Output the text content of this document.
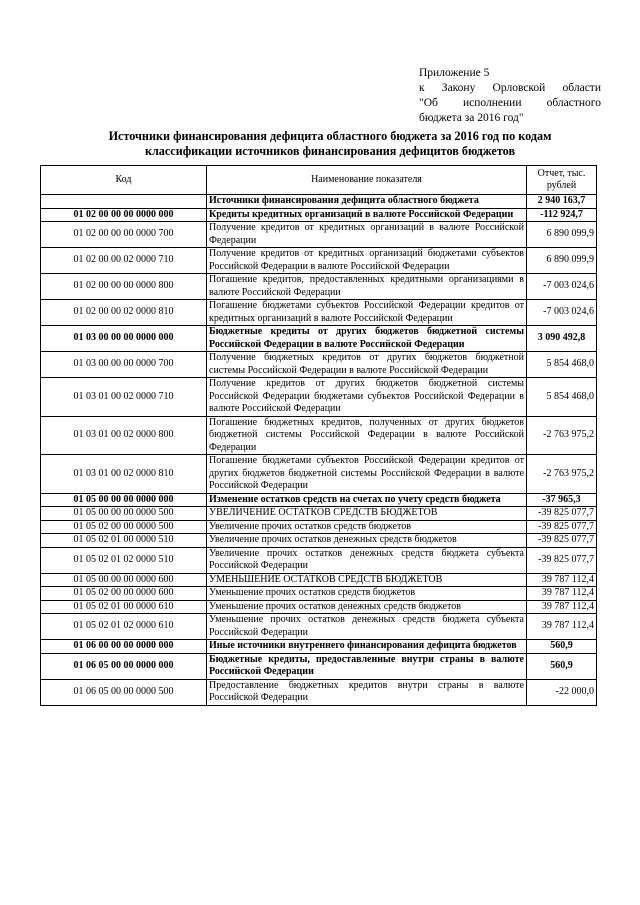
Приложение 5
к Закону Орловской области
"Об исполнении областного
бюджета за 2016 год"
Источники финансирования дефицита областного бюджета за 2016 год по кодам классификации источников финансирования дефицитов бюджетов
Код	Наименование показателя	Отчет, тыс. рублей
	Источники финансирования дефицита областного бюджета	2 940 163,7
01 02 00 00 00 0000 000	Кредиты кредитных организаций в валюте Российской Федерации	-112 924,7
01 02 00 00 00 0000 700	Получение кредитов от кредитных организаций в валюте Российской Федерации	6 890 099,9
01 02 00 00 02 0000 710	Получение кредитов от кредитных организаций бюджетами субъектов Российской Федерации в валюте Российской Федерации	6 890 099,9
01 02 00 00 00 0000 800	Погашение кредитов, предоставленных кредитными организациями в валюте Российской Федерации	-7 003 024,6
01 02 00 00 02 0000 810	Погашение бюджетами субъектов Российской Федерации кредитов от кредитных организаций в валюте Российской Федерации	-7 003 024,6
01 03 00 00 00 0000 000	Бюджетные кредиты от других бюджетов бюджетной системы Российской Федерации в валюте Российской Федерации	3 090 492,8
01 03 00 00 00 0000 700	Получение бюджетных кредитов от других бюджетов бюджетной системы Российской Федерации в валюте Российской Федерации	5 854 468,0
01 03 01 00 02 0000 710	Получение кредитов от других бюджетов бюджетной системы Российской Федерации бюджетами субъектов Российской Федерации в валюте Российской Федерации	5 854 468,0
01 03 01 00 02 0000 800	Погашение бюджетных кредитов, полученных от других бюджетов бюджетной системы Российской Федерации в валюте Российской Федерации	-2 763 975,2
01 03 01 00 02 0000 810	Погашение бюджетами субъектов Российской Федерации кредитов от других бюджетов бюджетной системы Российской Федерации в валюте Российской Федерации	-2 763 975,2
01 05 00 00 00 0000 000	Изменение остатков средств на счетах по учету средств бюджета	-37 965,3
01 05 00 00 00 0000 500	УВЕЛИЧЕНИЕ ОСТАТКОВ СРЕДСТВ БЮДЖЕТОВ	-39 825 077,7
01 05 02 00 00 0000 500	Увеличение прочих остатков средств бюджетов	-39 825 077,7
01 05 02 01 00 0000 510	Увеличение прочих остатков денежных средств бюджетов	-39 825 077,7
01 05 02 01 02 0000 510	Увеличение прочих остатков денежных средств бюджета субъекта Российской Федерации	-39 825 077,7
01 05 00 00 00 0000 600	УМЕНЬШЕНИЕ ОСТАТКОВ СРЕДСТВ БЮДЖЕТОВ	39 787 112,4
01 05 02 00 00 0000 600	Уменьшение прочих остатков средств бюджетов	39 787 112,4
01 05 02 01 00 0000 610	Уменьшение прочих остатков денежных средств бюджетов	39 787 112,4
01 05 02 01 02 0000 610	Уменьшение прочих остатков денежных средств бюджета субъекта Российской Федерации	39 787 112,4
01 06 00 00 00 0000 000	Иные источники внутреннего финансирования дефицита бюджетов	560,9
01 06 05 00 00 0000 000	Бюджетные кредиты, предоставленные внутри страны в валюте Российской Федерации	560,9
01 06 05 00 00 0000 500	Предоставление бюджетных кредитов внутри страны в валюте Российской Федерации	-22 000,0
